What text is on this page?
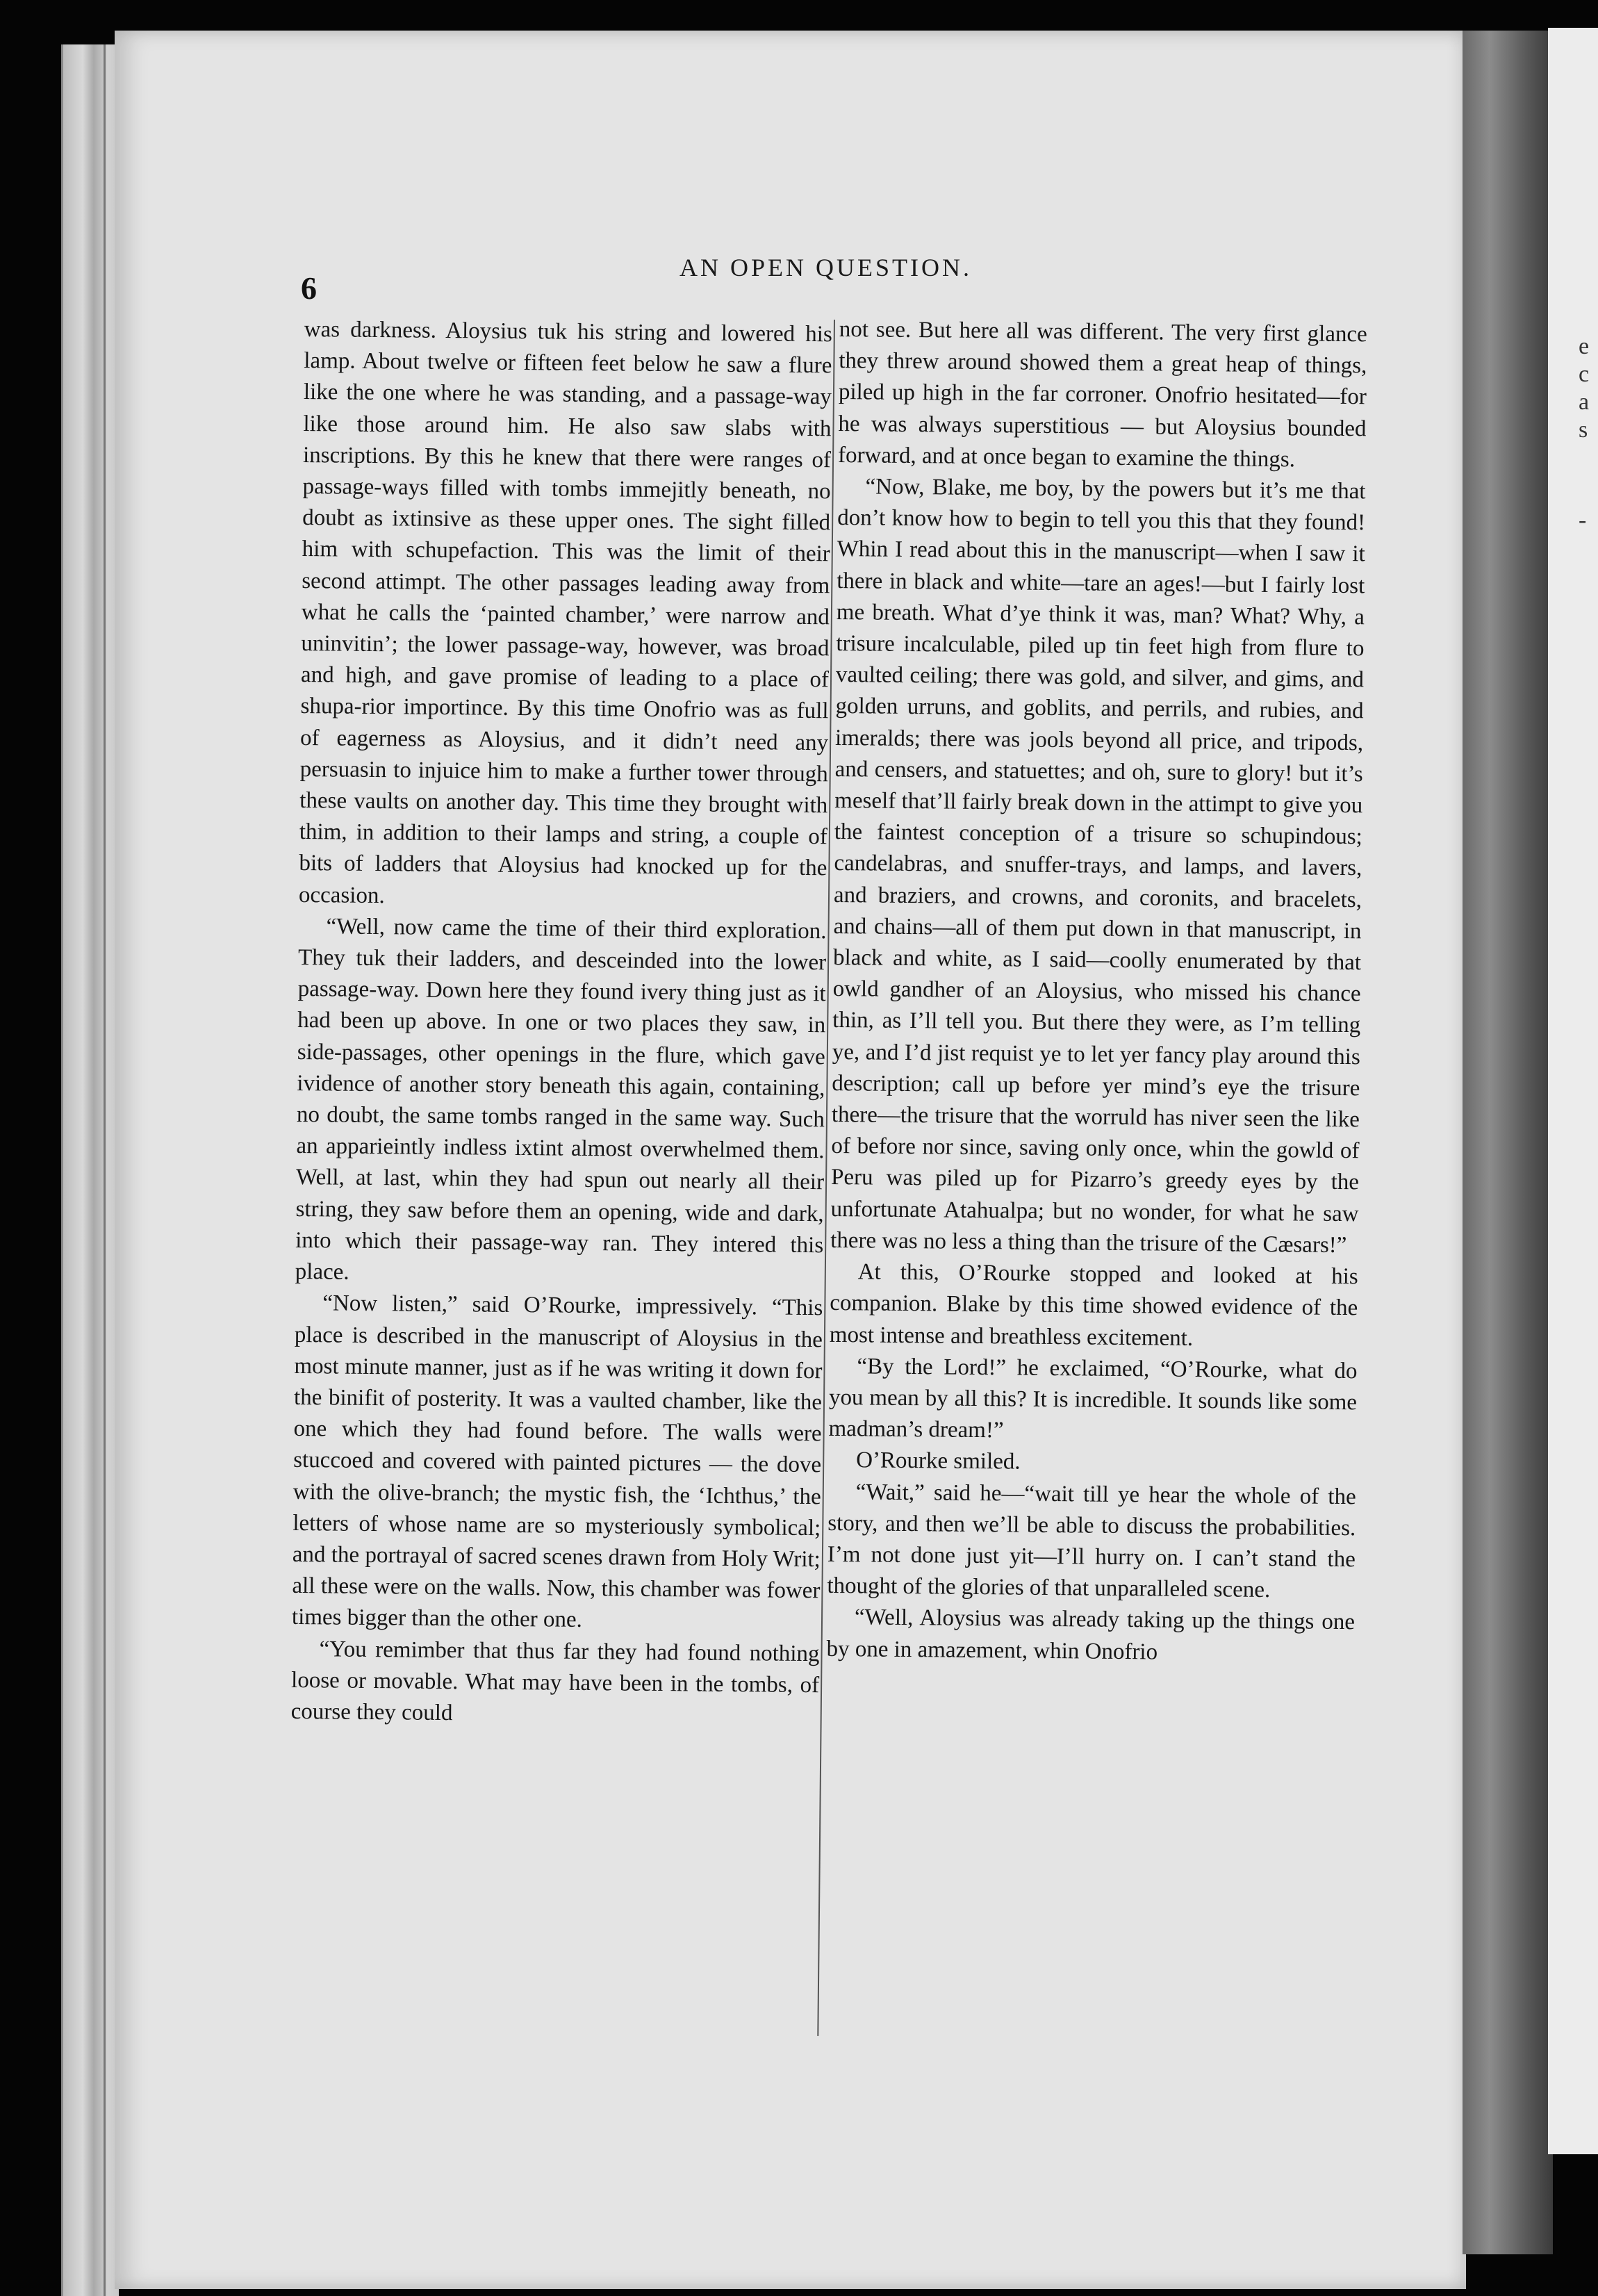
e
c
a
s
-
6
AN OPEN QUESTION.

was darkness. Aloysius tuk his string and lowered his lamp. About twelve or fifteen feet below he saw a flure like the one where he was standing, and a passage-way like those around him. He also saw slabs with inscriptions. By this he knew that there were ranges of passage-ways filled with tombs immejitly beneath, no doubt as ixtinsive as these upper ones. The sight filled him with schupefaction. This was the limit of their second attimpt. The other passages leading away from what he calls the ‘painted chamber,’ were narrow and uninvitin’; the lower passage-way, however, was broad and high, and gave promise of leading to a place of shupa-rior importince. By this time Onofrio was as full of eagerness as Aloysius, and it didn’t need any persuasin to injuice him to make a further tower through these vaults on another day. This time they brought with thim, in addition to their lamps and string, a couple of bits of ladders that Aloysius had knocked up for the occasion.

“Well, now came the time of their third exploration. They tuk their ladders, and desceinded into the lower passage-way. Down here they found ivery thing just as it had been up above. In one or two places they saw, in side-passages, other openings in the flure, which gave ividence of another story beneath this again, containing, no doubt, the same tombs ranged in the same way. Such an apparieintly indless ixtint almost overwhelmed them. Well, at last, whin they had spun out nearly all their string, they saw before them an opening, wide and dark, into which their passage-way ran. They intered this place.

“Now listen,” said O’Rourke, impressively. “This place is described in the manuscript of Aloysius in the most minute manner, just as if he was writing it down for the binifit of posterity. It was a vaulted chamber, like the one which they had found before. The walls were stuccoed and covered with painted pictures — the dove with the olive-branch; the mystic fish, the ‘Ichthus,’ the letters of whose name are so mysteriously symbolical; and the portrayal of sacred scenes drawn from Holy Writ; all these were on the walls. Now, this chamber was fower times bigger than the other one.

“You remimber that thus far they had found nothing loose or movable. What may have been in the tombs, of course they could

not see. But here all was different. The very first glance they threw around showed them a great heap of things, piled up high in the far corroner. Onofrio hesitated—for he was always superstitious — but Aloysius bounded forward, and at once began to examine the things.

“Now, Blake, me boy, by the powers but it’s me that don’t know how to begin to tell you this that they found! Whin I read about this in the manuscript—when I saw it there in black and white—tare an ages!—but I fairly lost me breath. What d’ye think it was, man? What? Why, a trisure incalculable, piled up tin feet high from flure to vaulted ceiling; there was gold, and silver, and gims, and golden urruns, and goblits, and perrils, and rubies, and imeralds; there was jools beyond all price, and tripods, and censers, and statuettes; and oh, sure to glory! but it’s meself that’ll fairly break down in the attimpt to give you the faintest conception of a trisure so schupindous; candelabras, and snuffer-trays, and lamps, and lavers, and braziers, and crowns, and coronits, and bracelets, and chains—all of them put down in that manuscript, in black and white, as I said—coolly enumerated by that owld gandher of an Aloysius, who missed his chance thin, as I’ll tell you. But there they were, as I’m telling ye, and I’d jist requist ye to let yer fancy play around this description; call up before yer mind’s eye the trisure there—the trisure that the worruld has niver seen the like of before nor since, saving only once, whin the gowld of Peru was piled up for Pizarro’s greedy eyes by the unfortunate Atahualpa; but no wonder, for what he saw there was no less a thing than the trisure of the Cæsars!”

At this, O’Rourke stopped and looked at his companion. Blake by this time showed evidence of the most intense and breathless excitement.

“By the Lord!” he exclaimed, “O’Rourke, what do you mean by all this? It is incredible. It sounds like some madman’s dream!”

O’Rourke smiled.

“Wait,” said he—“wait till ye hear the whole of the story, and then we’ll be able to discuss the probabilities. I’m not done just yit—I’ll hurry on. I can’t stand the thought of the glories of that unparalleled scene.

“Well, Aloysius was already taking up the things one by one in amazement, whin Onofrio
